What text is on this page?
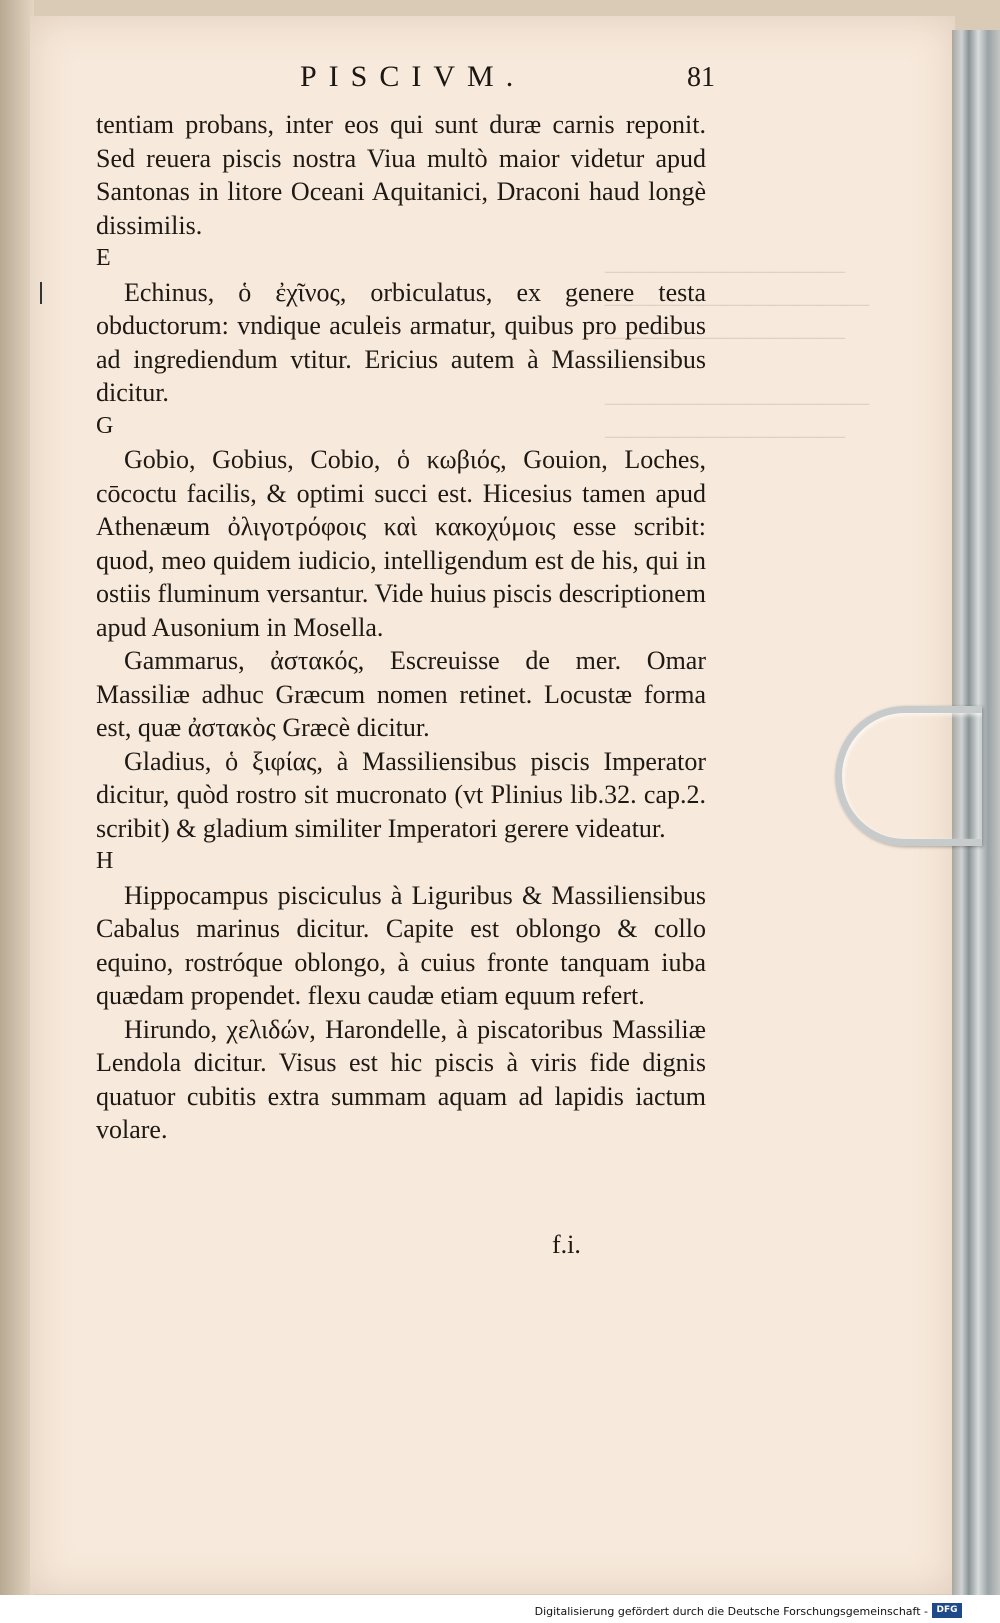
——————————
———————————
——————————

———————————
——————————
PISCIVM.	81

tentiam probans, inter eos qui sunt duræ carnis reponit. Sed reuera piscis nostra Viua multò maior videtur apud Santonas in litore Oceani Aquitanici, Draconi haud longè dissimilis.

E

Echinus, ὁ ἐχῖνος, orbiculatus, ex genere testa obductorum: vndique aculeis armatur, quibus pro pedibus ad ingrediendum vtitur. Ericius autem à Massiliensibus dicitur.

G

Gobio, Gobius, Cobio, ὁ κωβιός, Gouion, Loches, cōcoctu facilis, & optimi succi est. Hicesius tamen apud Athenæum ὀλιγοτρόφοις καὶ κακοχύμοις esse scribit: quod, meo quidem iudicio, intelligendum est de his, qui in ostiis fluminum versantur. Vide huius piscis descriptionem apud Ausonium in Mosella.

Gammarus, ἀστακός, Escreuisse de mer. Omar Massiliæ adhuc Græcum nomen retinet. Locustæ forma est, quæ ἀστακὸς Græcè dicitur.

Gladius, ὁ ξιφίας, à Massiliensibus piscis Imperator dicitur, quòd rostro sit mucronato (vt Plinius lib.32. cap.2. scribit) & gladium similiter Imperatori gerere videatur.

H

Hippocampus pisciculus à Liguribus & Massiliensibus Cabalus marinus dicitur. Capite est oblongo & collo equino, rostróque oblongo, à cuius fronte tanquam iuba quædam propendet. flexu caudæ etiam equum refert.

Hirundo, χελιδών, Harondelle, à piscatoribus Massiliæ Lendola dicitur. Visus est hic piscis à viris fide dignis quatuor cubitis extra summam aquam ad lapidis iactum volare.

f.i.
Digitalisierung gefördert durch die Deutsche Forschungsgemeinschaft - DFG
